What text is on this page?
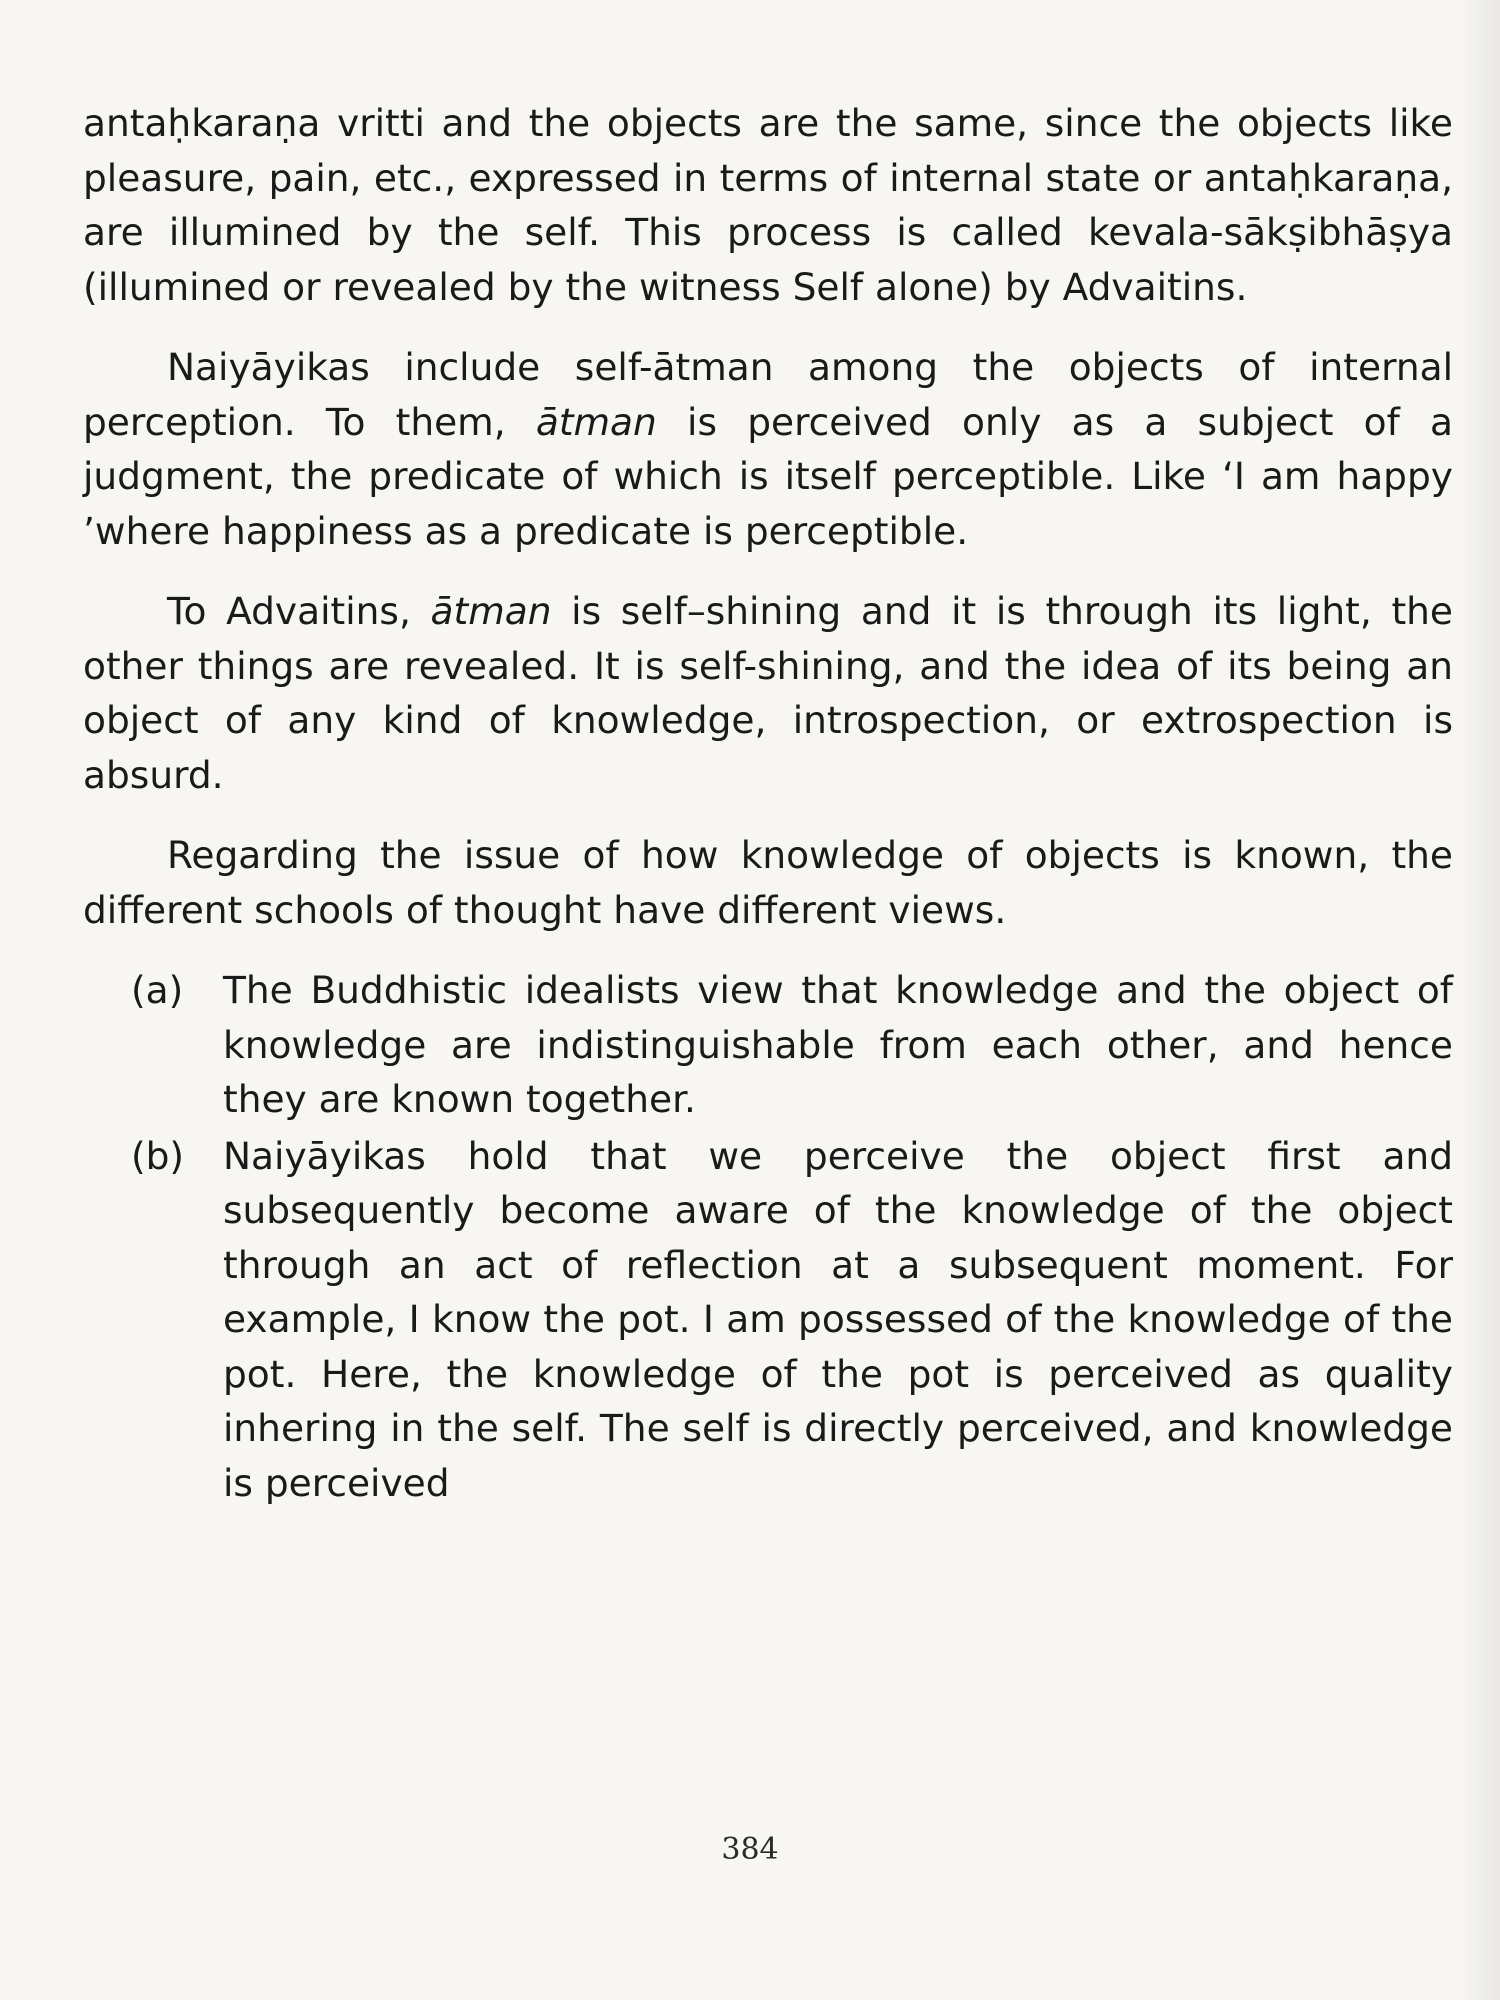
antaḥkaraṇa vritti and the objects are the same, since the objects like pleasure, pain, etc., expressed in terms of internal state or antaḥkaraṇa, are illumined by the self. This process is called kevala-sākṣibhāṣya (illumined or revealed by the witness Self alone) by Advaitins.

Naiyāyikas include self-ātman among the objects of internal perception. To them, ātman is perceived only as a subject of a judgment, the predicate of which is itself perceptible. Like ‘I am happy ’where happiness as a predicate is perceptible.

To Advaitins, ātman is self–shining and it is through its light, the other things are revealed. It is self-shining, and the idea of its being an object of any kind of knowledge, introspection, or extrospection is absurd.

Regarding the issue of how knowledge of objects is known, the different schools of thought have different views.

(a)	The Buddhistic idealists view that knowledge and the object of knowledge are indistinguishable from each other, and hence they are known together.
(b)	Naiyāyikas hold that we perceive the object first and subsequently become aware of the knowledge of the object through an act of reflection at a subsequent moment. For example, I know the pot. I am possessed of the knowledge of the pot. Here, the knowledge of the pot is perceived as quality inhering in the self. The self is directly perceived, and knowledge is perceived
384
